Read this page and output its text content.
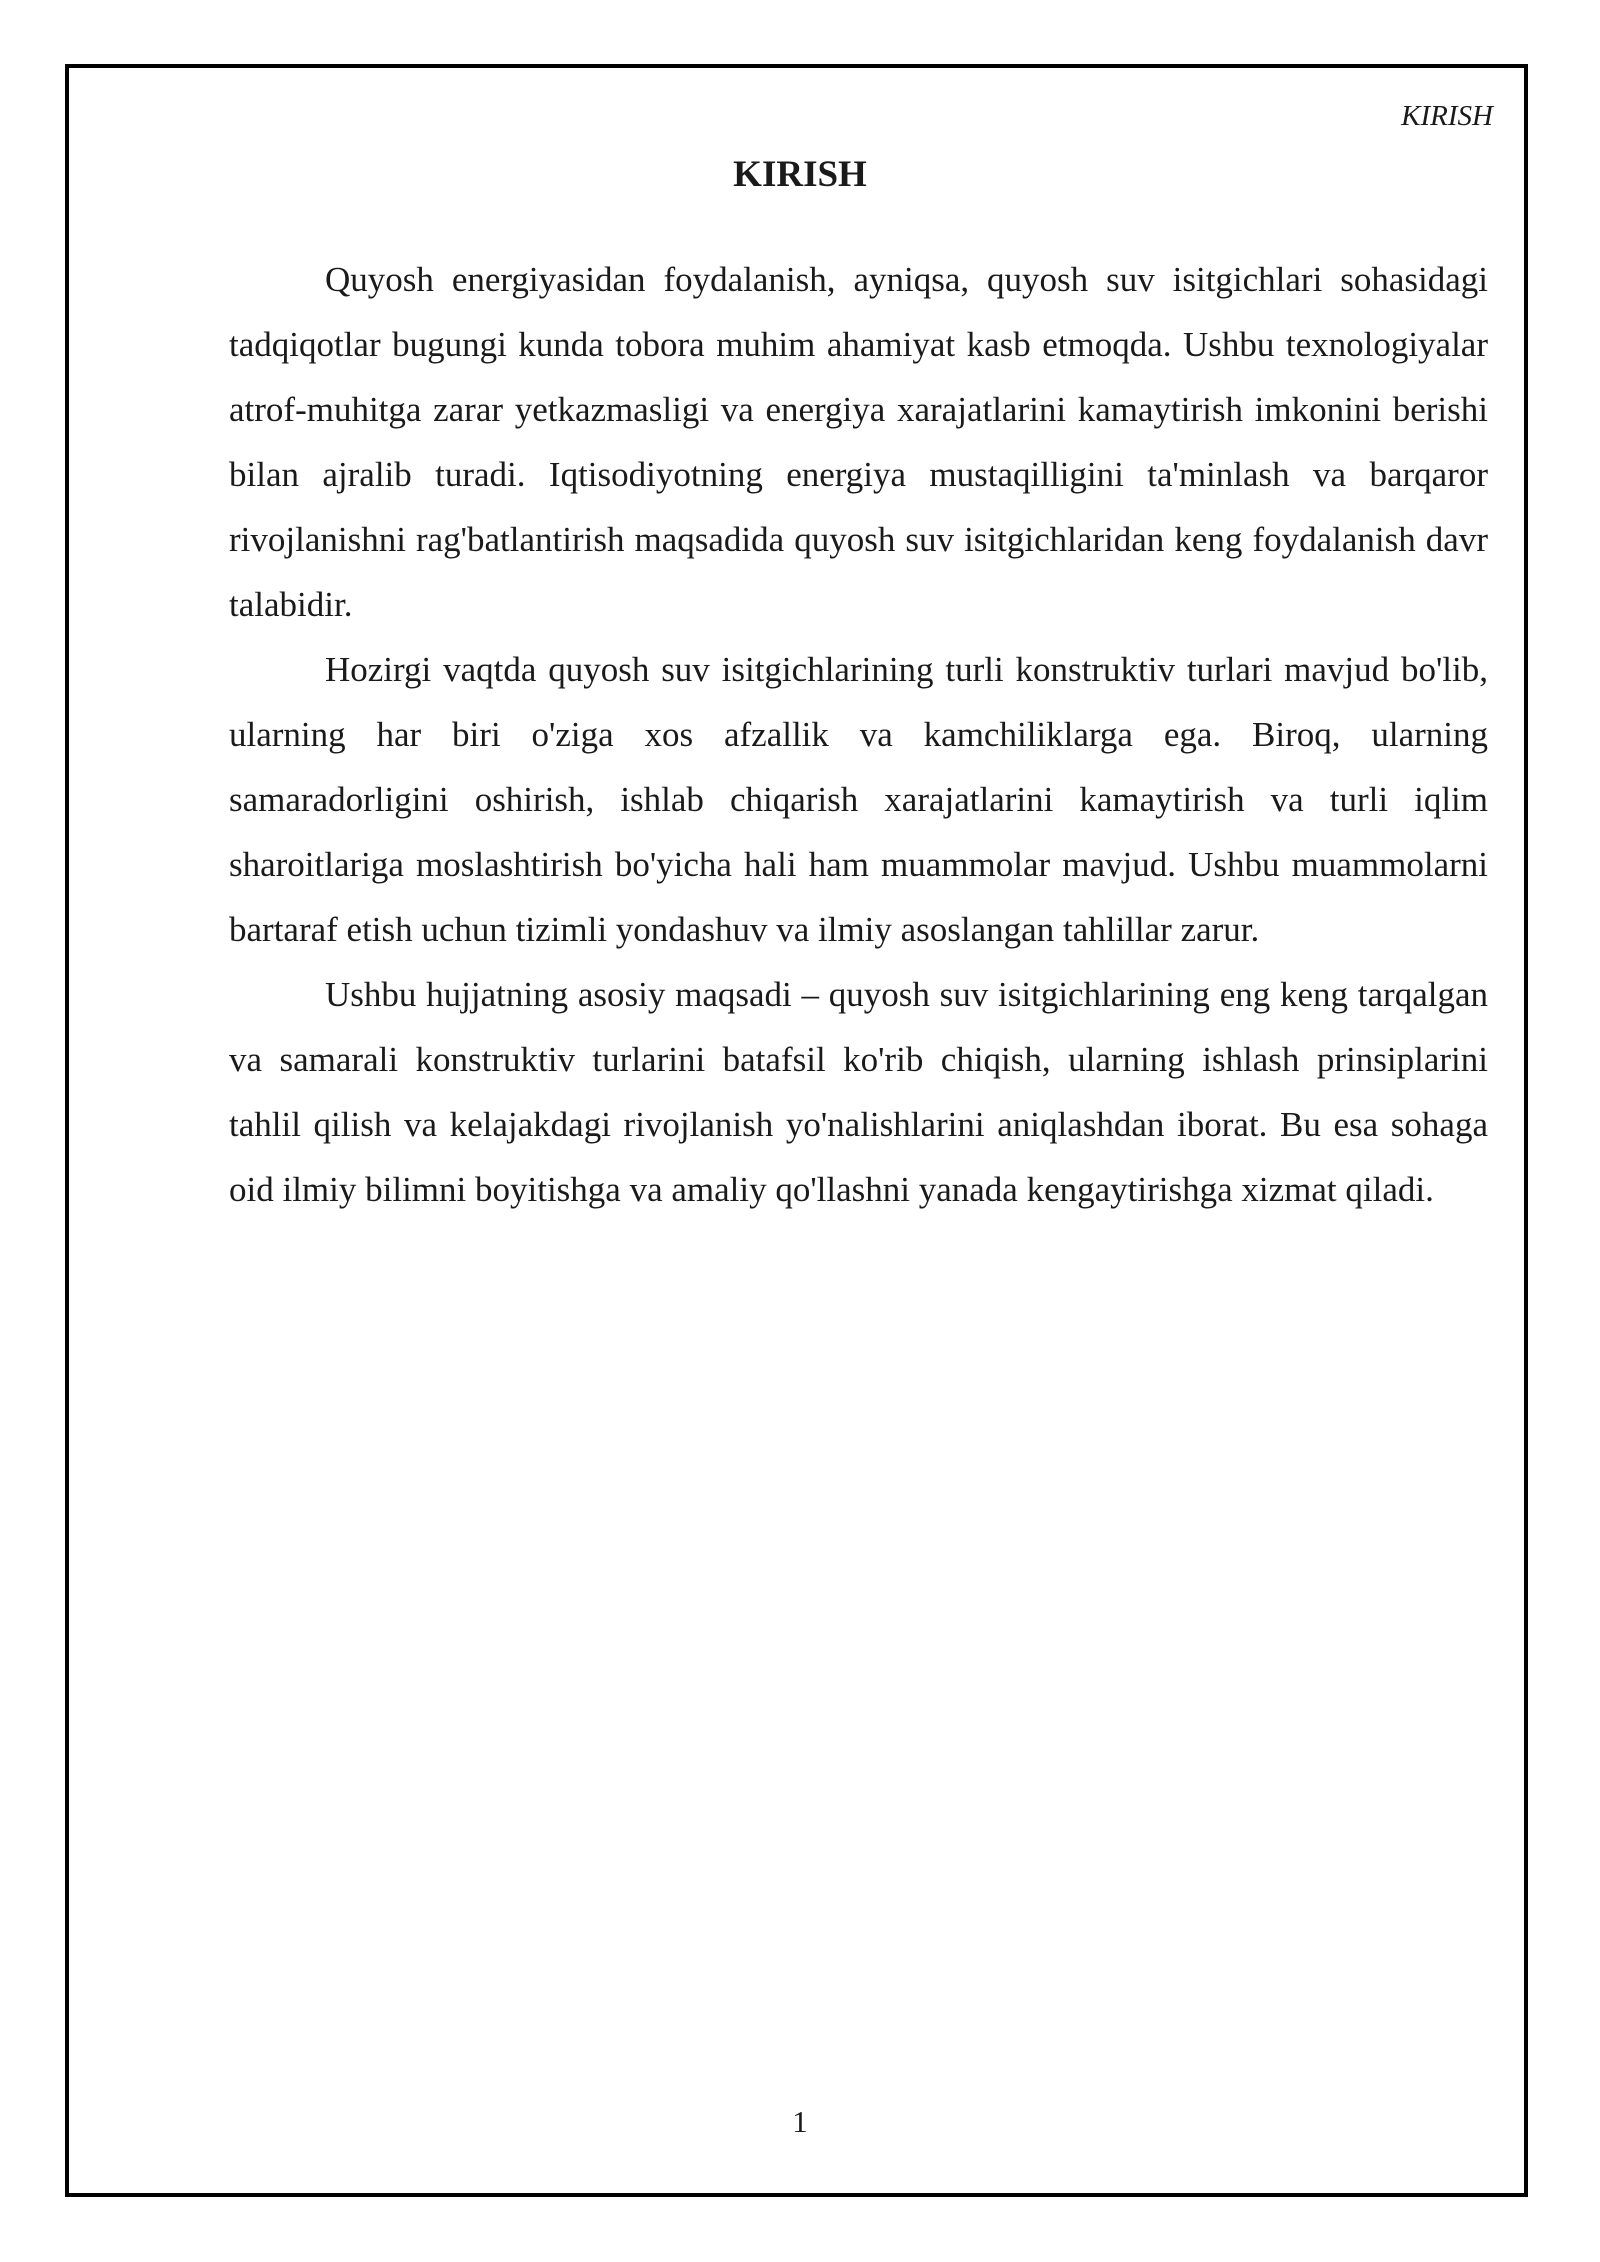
KIRISH

KIRISH

Quyosh energiyasidan foydalanish, ayniqsa, quyosh suv isitgichlari sohasidagi tadqiqotlar bugungi kunda tobora muhim ahamiyat kasb etmoqda. Ushbu texnologiyalar atrof-muhitga zarar yetkazmasligi va energiya xarajatlarini kamaytirish imkonini berishi bilan ajralib turadi. Iqtisodiyotning energiya mustaqilligini ta'minlash va barqaror rivojlanishni rag'batlantirish maqsadida quyosh suv isitgichlaridan keng foydalanish davr talabidir.

Hozirgi vaqtda quyosh suv isitgichlarining turli konstruktiv turlari mavjud bo'lib, ularning har biri o'ziga xos afzallik va kamchiliklarga ega. Biroq, ularning samaradorligini oshirish, ishlab chiqarish xarajatlarini kamaytirish va turli iqlim sharoitlariga moslashtirish bo'yicha hali ham muammolar mavjud. Ushbu muammolarni bartaraf etish uchun tizimli yondashuv va ilmiy asoslangan tahlillar zarur.

Ushbu hujjatning asosiy maqsadi – quyosh suv isitgichlarining eng keng tarqalgan va samarali konstruktiv turlarini batafsil ko'rib chiqish, ularning ishlash prinsiplarini tahlil qilish va kelajakdagi rivojlanish yo'nalishlarini aniqlashdan iborat. Bu esa sohaga oid ilmiy bilimni boyitishga va amaliy qo'llashni yanada kengaytirishga xizmat qiladi.

1
